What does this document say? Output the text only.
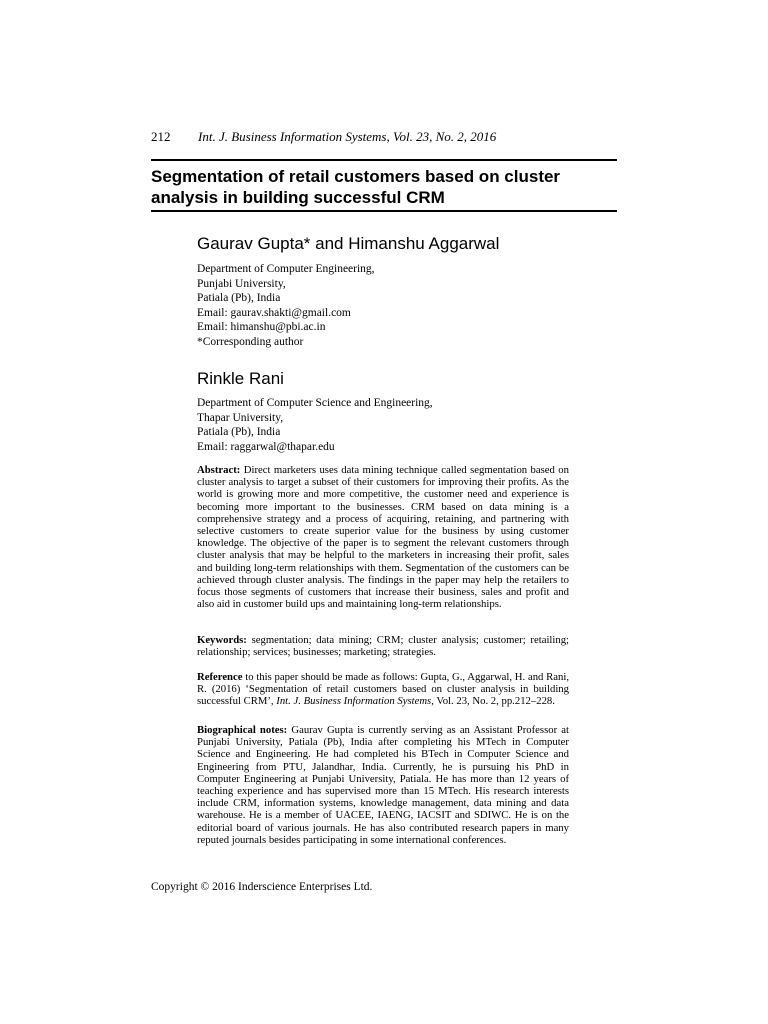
212 Int. J. Business Information Systems, Vol. 23, No. 2, 2016
Segmentation of retail customers based on cluster analysis in building successful CRM
Gaurav Gupta* and Himanshu Aggarwal
Department of Computer Engineering,
Punjabi University,
Patiala (Pb), India
Email: gaurav.shakti@gmail.com
Email: himanshu@pbi.ac.in
*Corresponding author
Rinkle Rani
Department of Computer Science and Engineering,
Thapar University,
Patiala (Pb), India
Email: raggarwal@thapar.edu
Abstract: Direct marketers uses data mining technique called segmentation based on cluster analysis to target a subset of their customers for improving their profits. As the world is growing more and more competitive, the customer need and experience is becoming more important to the businesses. CRM based on data mining is a comprehensive strategy and a process of acquiring, retaining, and partnering with selective customers to create superior value for the business by using customer knowledge. The objective of the paper is to segment the relevant customers through cluster analysis that may be helpful to the marketers in increasing their profit, sales and building long-term relationships with them. Segmentation of the customers can be achieved through cluster analysis. The findings in the paper may help the retailers to focus those segments of customers that increase their business, sales and profit and also aid in customer build ups and maintaining long-term relationships.
Keywords: segmentation; data mining; CRM; cluster analysis; customer; retailing; relationship; services; businesses; marketing; strategies.
Reference to this paper should be made as follows: Gupta, G., Aggarwal, H. and Rani, R. (2016) ‘Segmentation of retail customers based on cluster analysis in building successful CRM’, Int. J. Business Information Systems, Vol. 23, No. 2, pp.212–228.
Biographical notes: Gaurav Gupta is currently serving as an Assistant Professor at Punjabi University, Patiala (Pb), India after completing his MTech in Computer Science and Engineering. He had completed his BTech in Computer Science and Engineering from PTU, Jalandhar, India. Currently, he is pursuing his PhD in Computer Engineering at Punjabi University, Patiala. He has more than 12 years of teaching experience and has supervised more than 15 MTech. His research interests include CRM, information systems, knowledge management, data mining and data warehouse. He is a member of UACEE, IAENG, IACSIT and SDIWC. He is on the editorial board of various journals. He has also contributed research papers in many reputed journals besides participating in some international conferences.
Copyright © 2016 Inderscience Enterprises Ltd.
